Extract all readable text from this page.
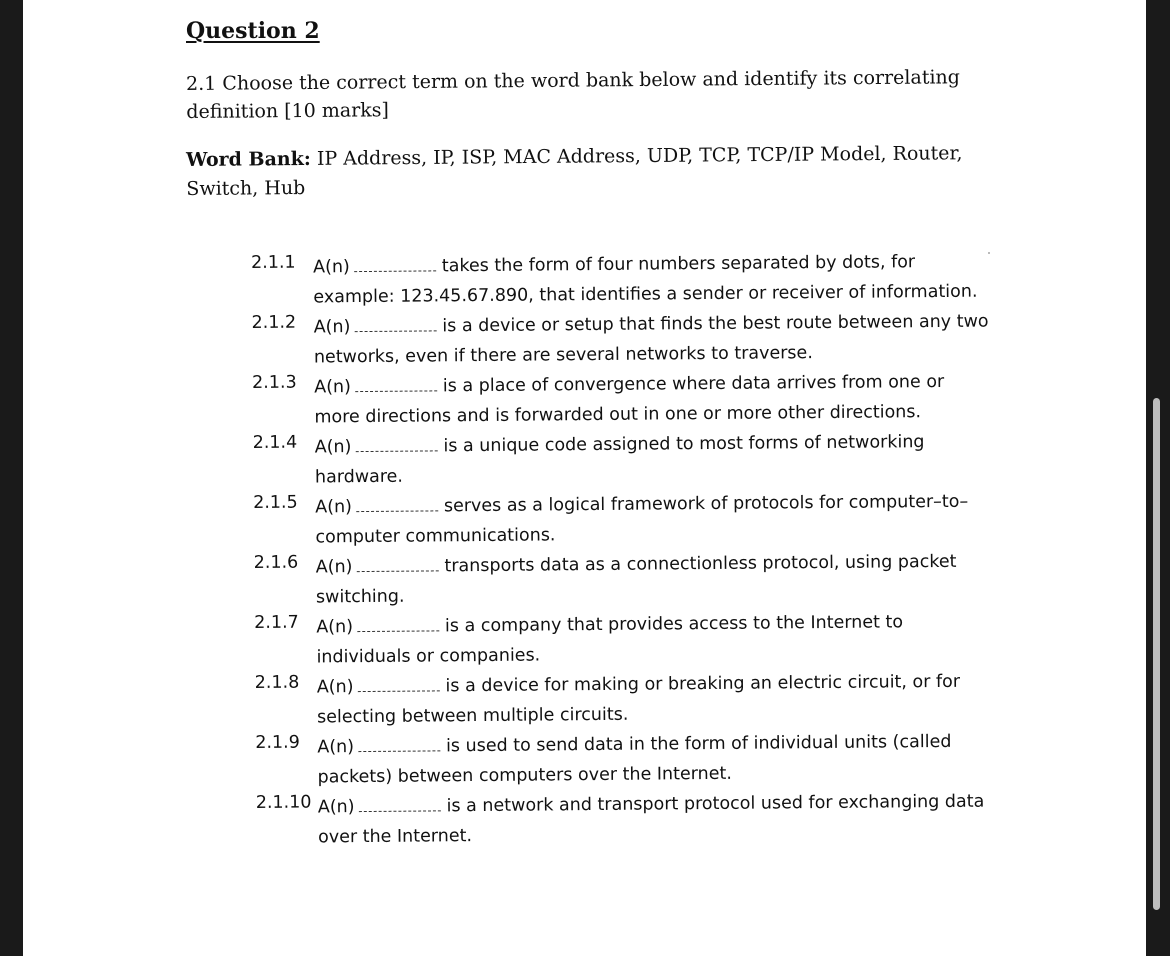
Question 2
2.1 Choose the correct term on the word bank below and identify its correlating definition [10 marks]
Word Bank: IP Address, IP, ISP, MAC Address, UDP, TCP, TCP/IP Model, Router, Switch, Hub
2.1.1 A(n)	takes the form of four numbers separated by dots, for example: 123.45.67.890, that identifies a sender or receiver of information.
2.1.2 A(n)	is a device or setup that finds the best route between any two networks, even if there are several networks to traverse.
2.1.3 A(n)	is a place of convergence where data arrives from one or more directions and is forwarded out in one or more other directions.
2.1.4 A(n)	is a unique code assigned to most forms of networking hardware.
2.1.5 A(n)	serves as a logical framework of protocols for computer–to–computer communications.
2.1.6 A(n)	transports data as a connectionless protocol, using packet switching.
2.1.7 A(n)	is a company that provides access to the Internet to individuals or companies.
2.1.8 A(n)	is a device for making or breaking an electric circuit, or for selecting between multiple circuits.
2.1.9 A(n)	is used to send data in the form of individual units (called packets) between computers over the Internet.
2.1.10 A(n)	is a network and transport protocol used for exchanging data over the Internet.
